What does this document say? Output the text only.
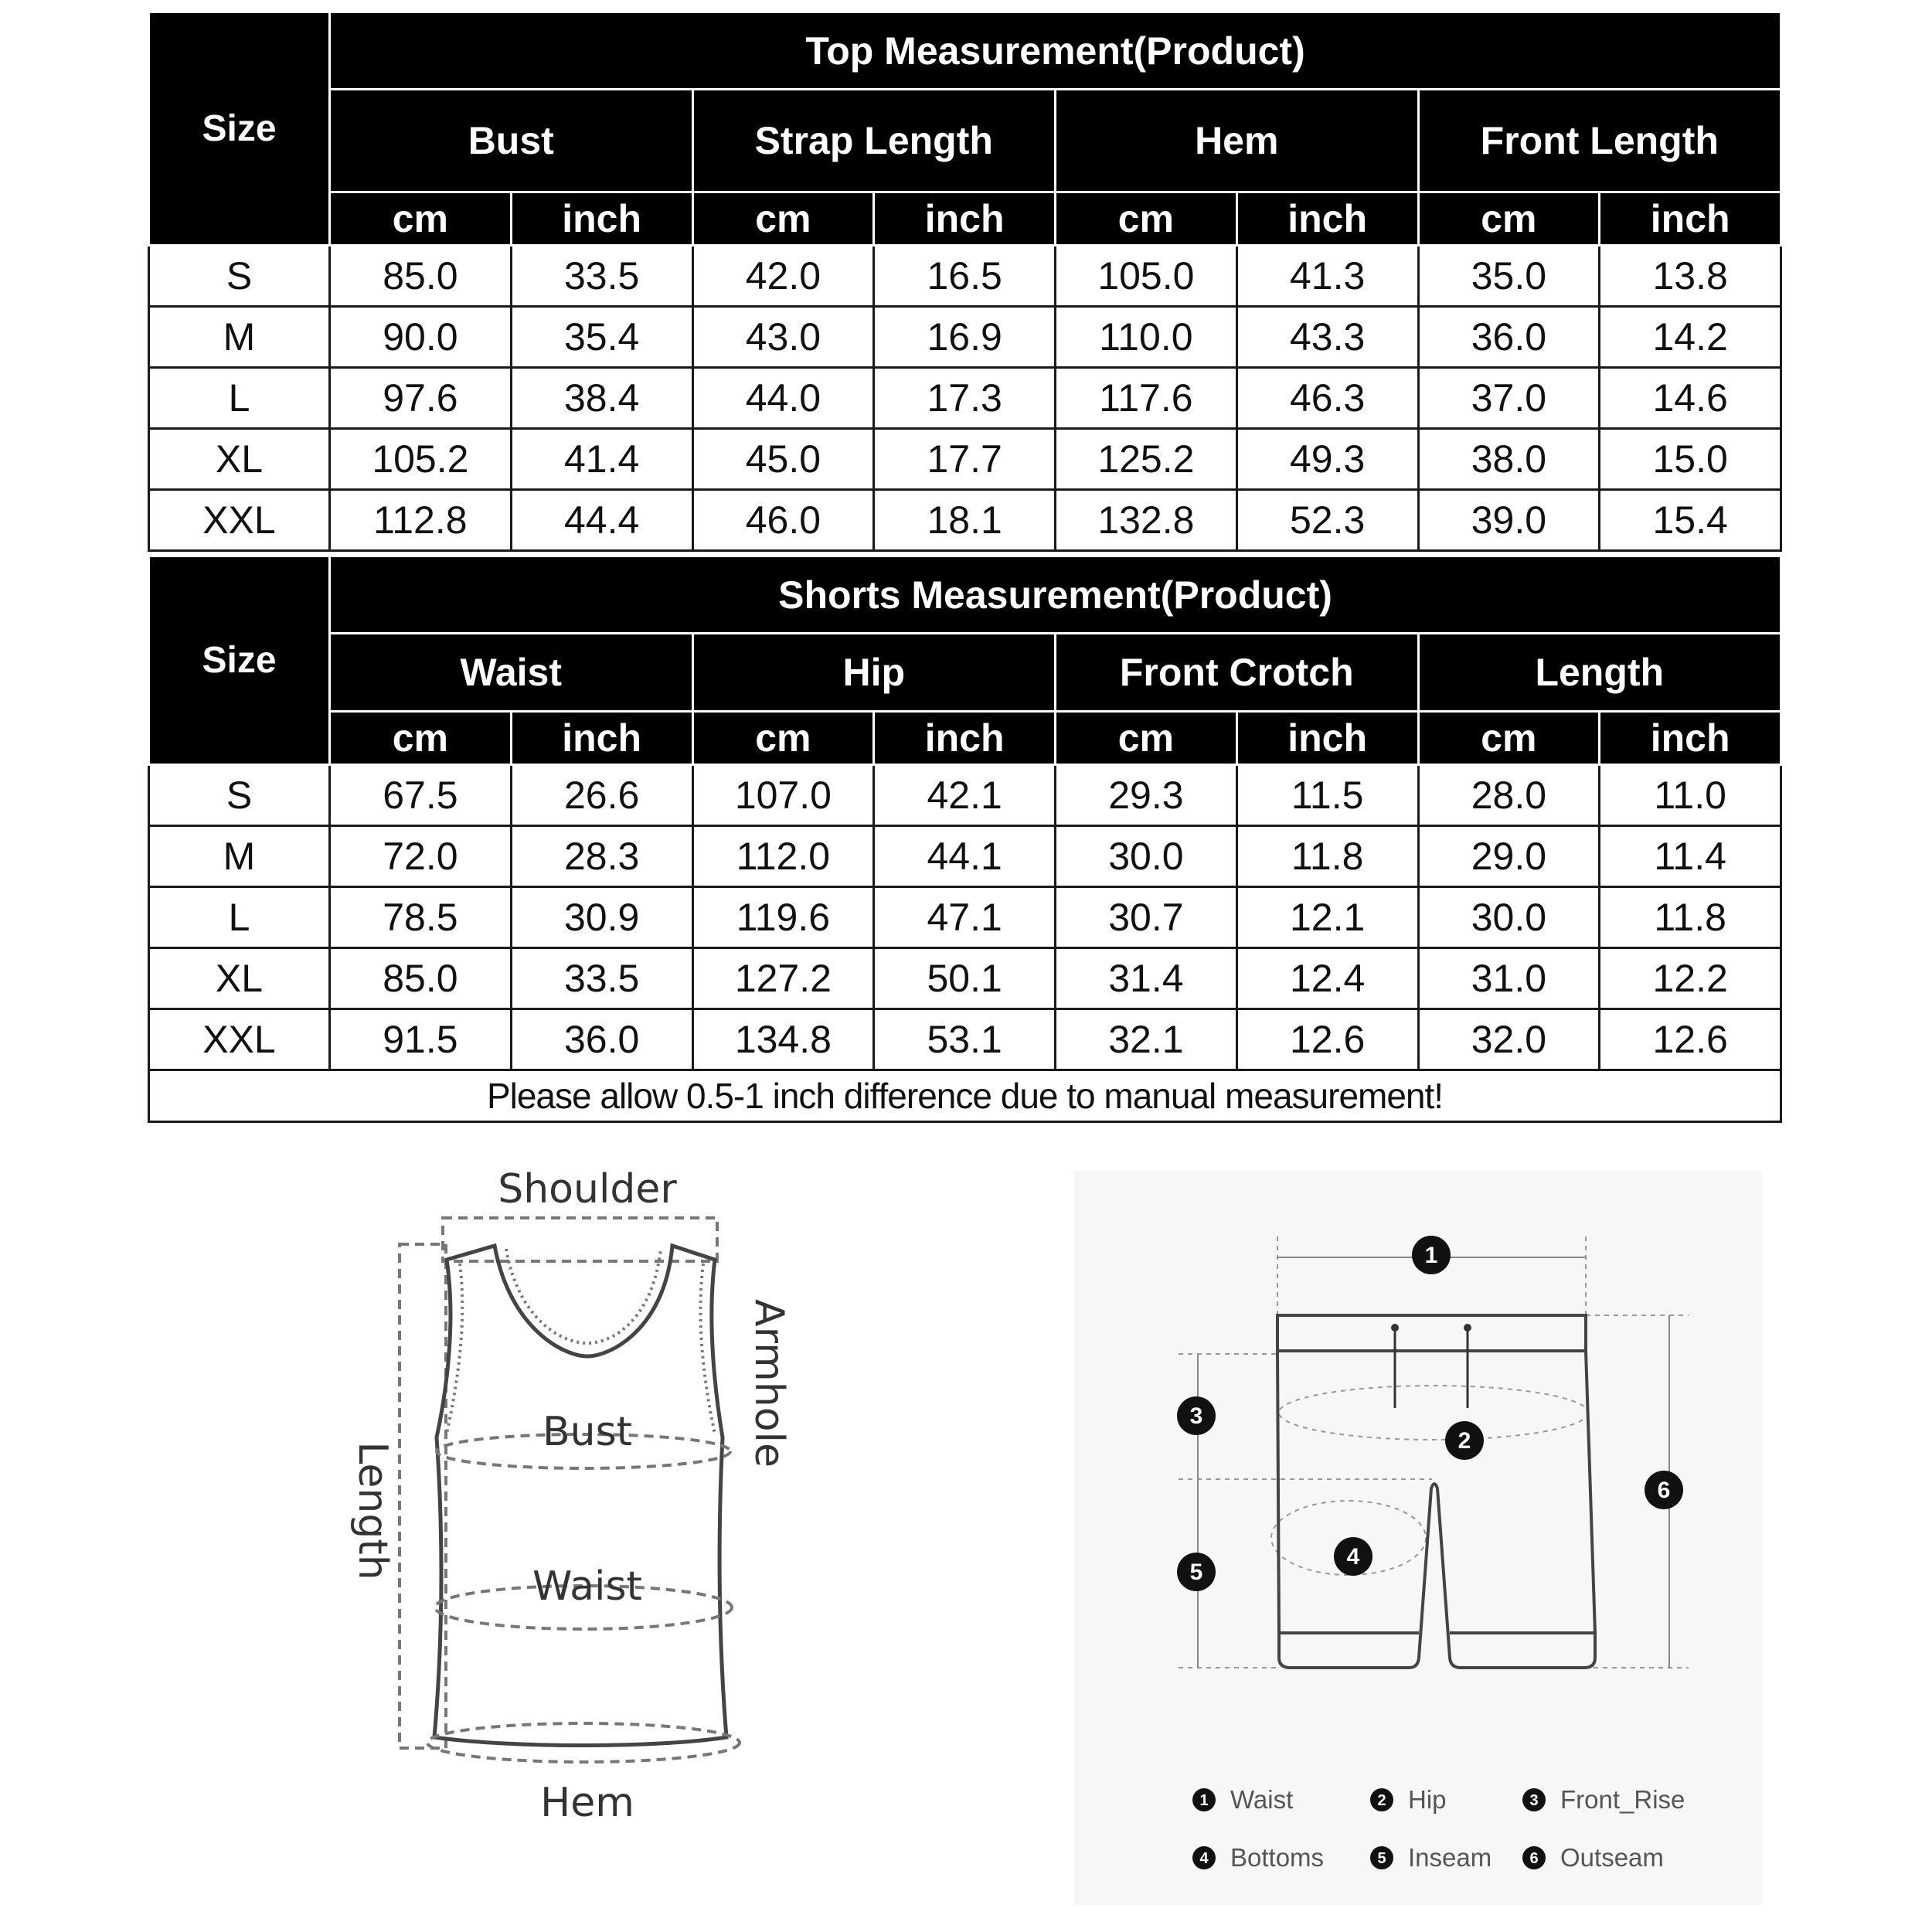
Size	Top Measurement(Product)							
	Bust		Strap Length		Hem		Front Length	
	cm	inch	cm	inch	cm	inch	cm	inch
S	85.0	33.5	42.0	16.5	105.0	41.3	35.0	13.8
M	90.0	35.4	43.0	16.9	110.0	43.3	36.0	14.2
L	97.6	38.4	44.0	17.3	117.6	46.3	37.0	14.6
XL	105.2	41.4	45.0	17.7	125.2	49.3	38.0	15.0
XXL	112.8	44.4	46.0	18.1	132.8	52.3	39.0	15.4
Size	Shorts Measurement(Product)							
	Waist		Hip		Front Crotch		Length	
	cm	inch	cm	inch	cm	inch	cm	inch
S	67.5	26.6	107.0	42.1	29.3	11.5	28.0	11.0
M	72.0	28.3	112.0	44.1	30.0	11.8	29.0	11.4
L	78.5	30.9	119.6	47.1	30.7	12.1	30.0	11.8
XL	85.0	33.5	127.2	50.1	31.4	12.4	31.0	12.2
XXL	91.5	36.0	134.8	53.1	32.1	12.6	32.0	12.6
Please allow 0.5-1 inch difference due to manual measurement!								
Shoulder
Bust
Waist
Hem
Armhole
Length
1
2
3
4
5
6
1 Waist	2 Hip	3 Front_Rise
4 Bottoms	5 Inseam 6 Outseam
